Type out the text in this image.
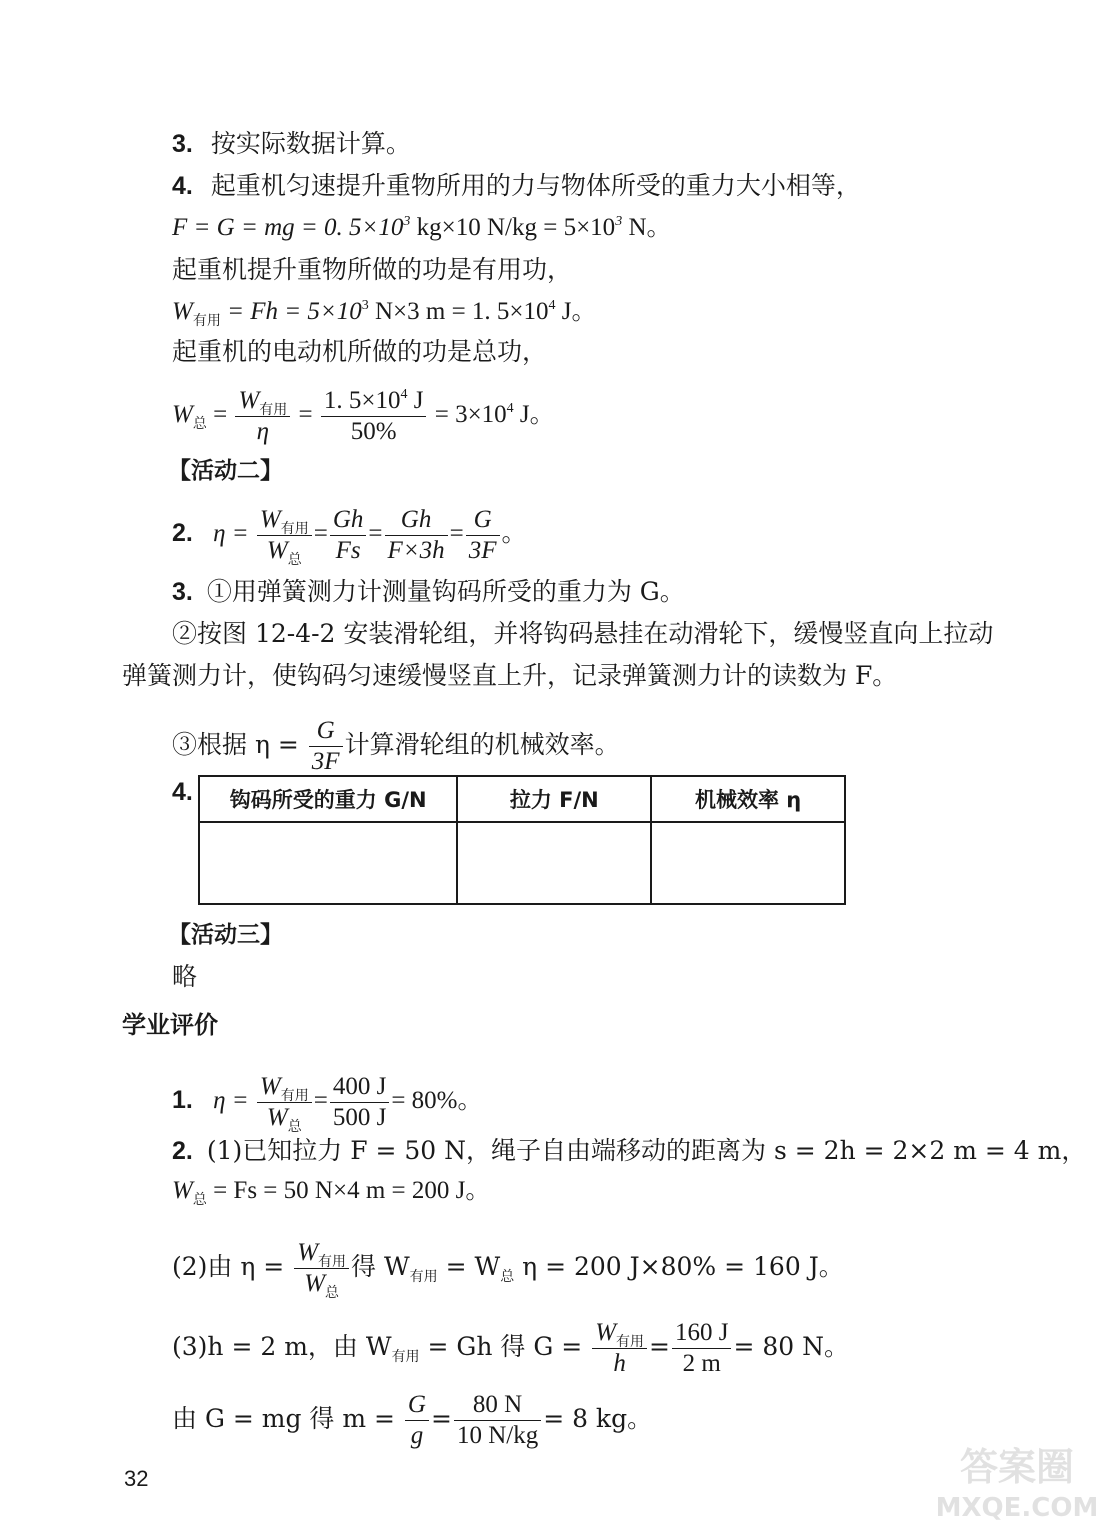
3. 按实际数据计算。
4. 起重机匀速提升重物所用的力与物体所受的重力大小相等，
F = G = mg = 0. $5\times 10^3$ kg×10 $N/kg = 5\times 10^3$ N。
起重机提升重物所做的功是有用功，
$W_{有用} = Fh = 5\times 10^3$ N×3 m = 1. $5\times 10^4$ J。
起重机的电动机所做的功是总功，
$W_总 = \frac{W_{有用}}{\eta} = \frac{1. 5\times 10^4 J}{50\%} = 3\times 10^4$ J。
【活动二】
2. $\eta = \frac{W_{有用}}{W_总} = \frac{Gh}{Fs} = \frac{Gh}{F\times 3h} = \frac{G}{3F}$ 。
3. ①用弹簧测力计测量钩码所受的重力为 G。
②按图 12-4-2 安装滑轮组，并将钩码悬挂在动滑轮下，缓慢竖直向上拉动
弹簧测力计，使钩码匀速缓慢竖直上升，记录弹簧测力计的读数为 F。
③根据 $\eta = \frac{G}{3F}$ 计算滑轮组的机械效率。
4. 钩码所受的重力 G/N	拉力 F/N	机械效率 η

【活动三】
略
学业评价
1. $\eta = \frac{W_{有用}}{W_总} = \frac{400 J}{500 J} = 80\%$。
2. (1)已知拉力 F = 50 N，绳子自由端移动的距离为 s = 2h = 2×2 m = 4 m，
$W_总 = Fs = 50$ N×4 m = 200 J。
(2)由 $\eta = \frac{W_{有用}}{W_总}$ 得 $W_{有用} = W_总$ η = 200 J×80% = 160 J。
(3)h = 2 m，由 $W_{有用} = Gh$ 得 $G = \frac{W_{有用}}{h} = \frac{160 J}{2 m} = 80$ N。
由 G = mg 得 $m = \frac{G}{g} = \frac{80 N}{10 N/kg} = 8$ kg。
32	答案圈
MXQE.COM
